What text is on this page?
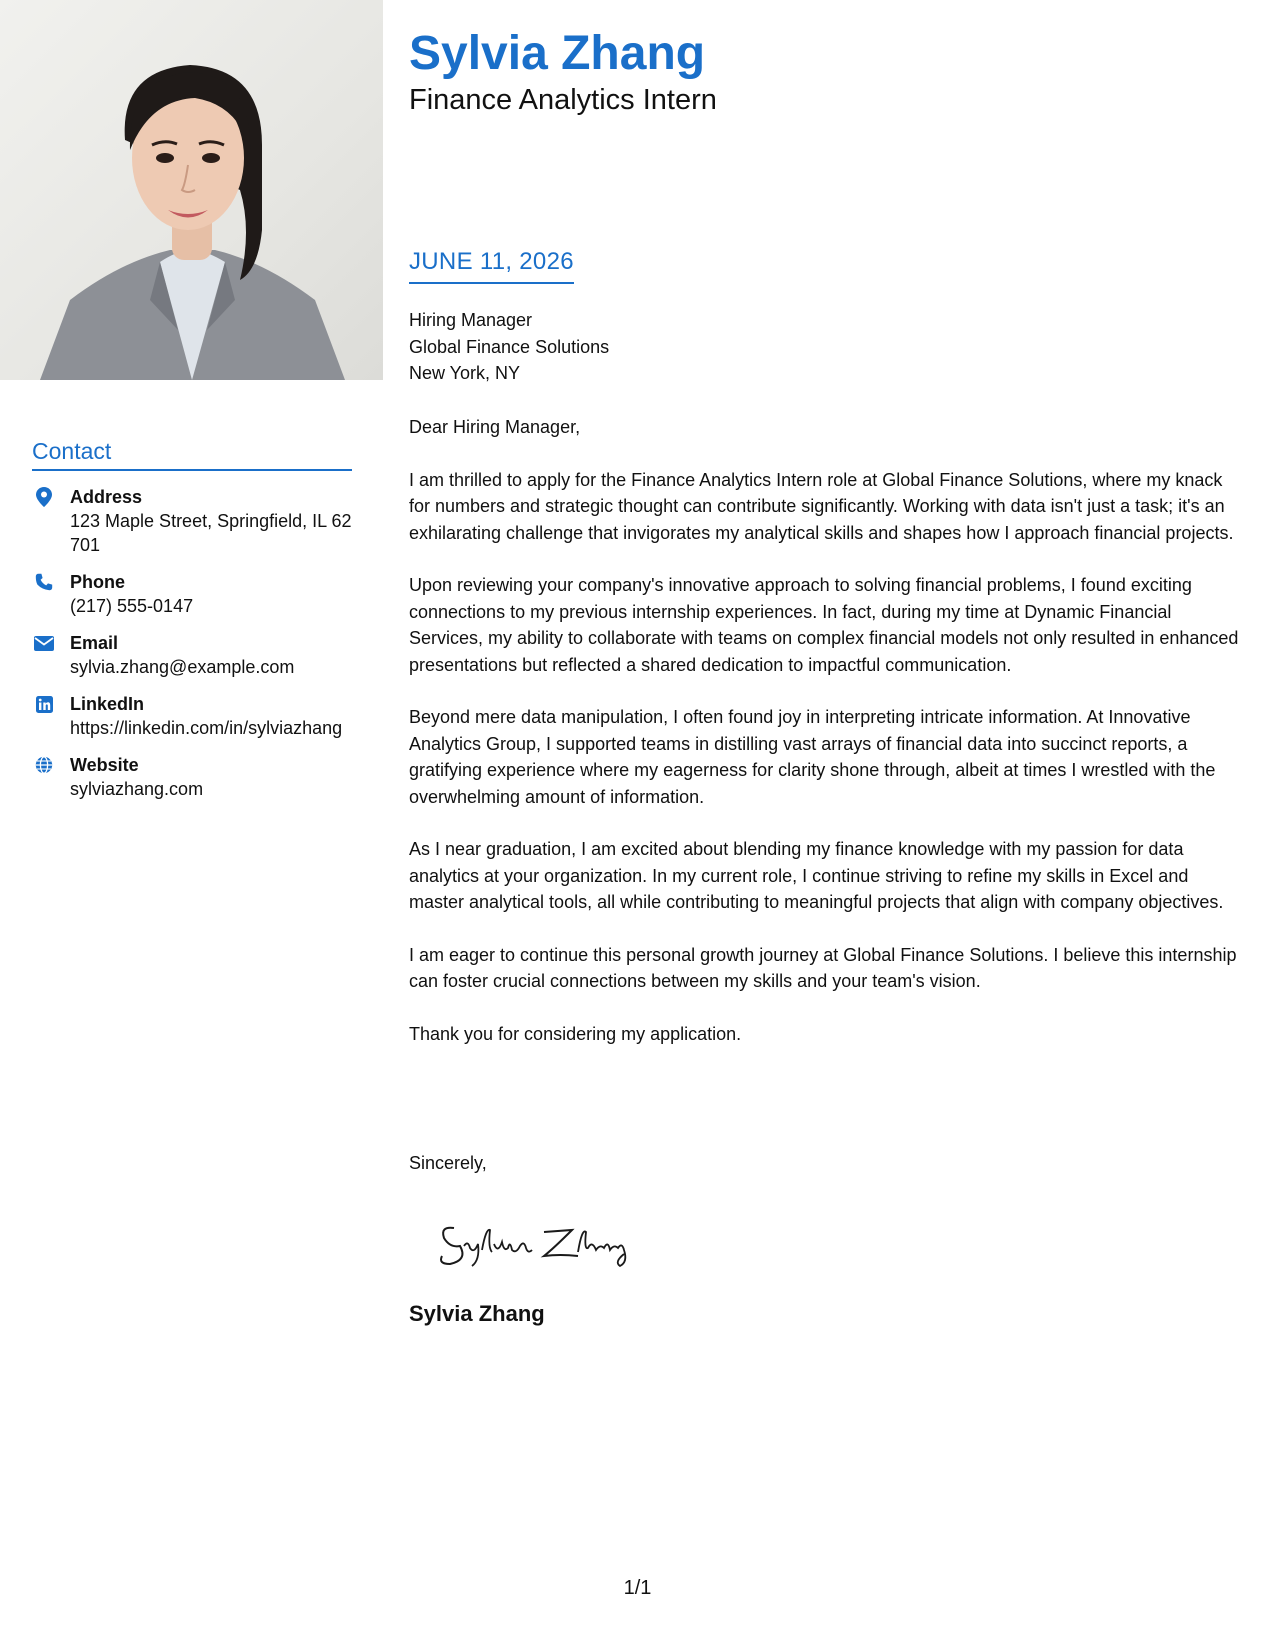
Contact
Address
123 Maple Street, Springfield, IL 62701
Phone
(217) 555-0147
Email
sylvia.zhang@example.com
LinkedIn
https://linkedin.com/in/sylviazhang
Website
sylviazhang.com
Sylvia Zhang
Finance Analytics Intern
JUNE 11, 2026
Hiring Manager
Global Finance Solutions
New York, NY

Dear Hiring Manager,

I am thrilled to apply for the Finance Analytics Intern role at Global Finance Solutions, where my knack for numbers and strategic thought can contribute significantly. Working with data isn't just a task; it's an exhilarating challenge that invigorates my analytical skills and shapes how I approach financial projects.

Upon reviewing your company's innovative approach to solving financial problems, I found exciting connections to my previous internship experiences. In fact, during my time at Dynamic Financial Services, my ability to collaborate with teams on complex financial models not only resulted in enhanced presentations but reflected a shared dedication to impactful communication.

Beyond mere data manipulation, I often found joy in interpreting intricate information. At Innovative Analytics Group, I supported teams in distilling vast arrays of financial data into succinct reports, a gratifying experience where my eagerness for clarity shone through, albeit at times I wrestled with the overwhelming amount of information.

As I near graduation, I am excited about blending my finance knowledge with my passion for data analytics at your organization. In my current role, I continue striving to refine my skills in Excel and master analytical tools, all while contributing to meaningful projects that align with company objectives.

I am eager to continue this personal growth journey at Global Finance Solutions. I believe this internship can foster crucial connections between my skills and your team's vision.

Thank you for considering my application.

Sincerely,
Sylvia Zhang
1/1
